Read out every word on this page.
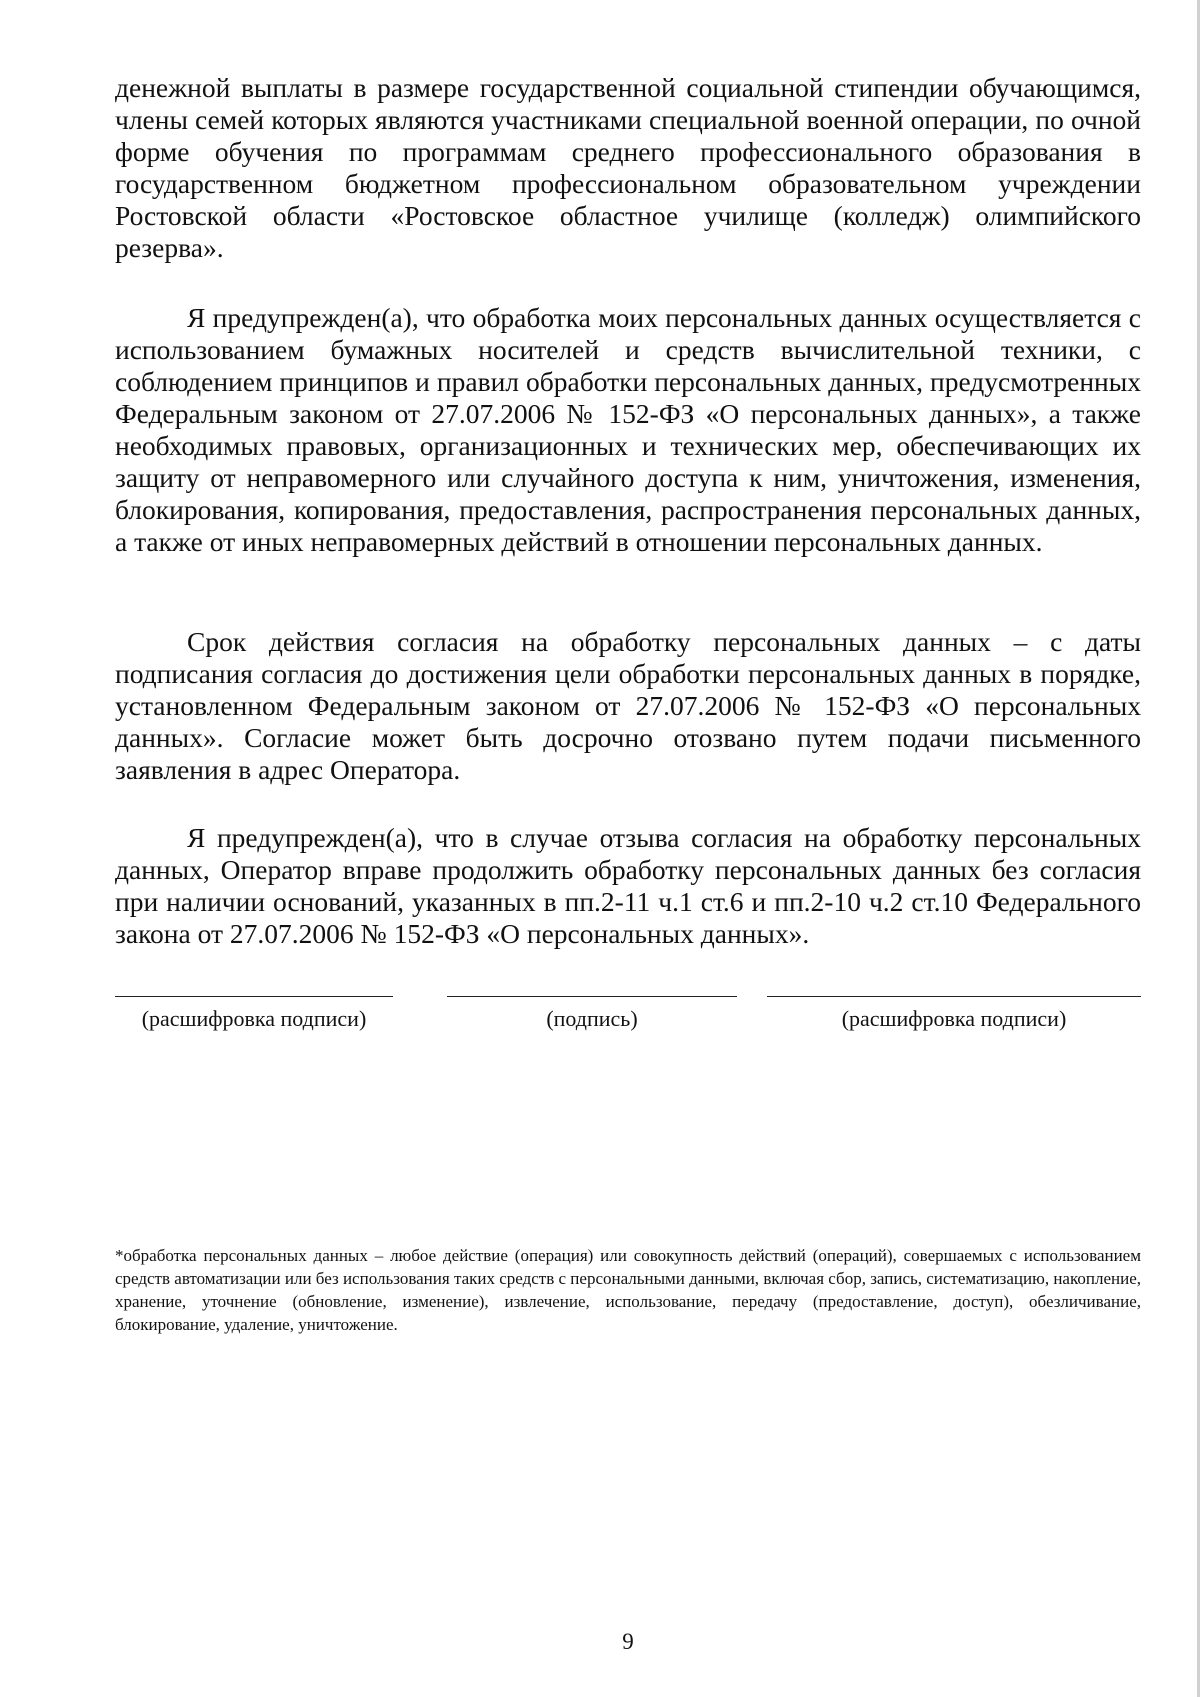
денежной выплаты в размере государственной социальной стипендии обучающимся, члены семей которых являются участниками специальной военной операции, по очной форме обучения по программам среднего профессионального образования в государственном бюджетном профессиональном образовательном учреждении Ростовской области «Ростовское областное училище (колледж) олимпийского резерва».

Я предупрежден(а), что обработка моих персональных данных осуществляется с использованием бумажных носителей и средств вычислительной техники, с соблюдением принципов и правил обработки персональных данных, предусмотренных Федеральным законом от 27.07.2006 № 152-ФЗ «О персональных данных», а также необходимых правовых, организационных и технических мер, обеспечивающих их защиту от неправомерного или случайного доступа к ним, уничтожения, изменения, блокирования, копирования, предоставления, распространения персональных данных, а также от иных неправомерных действий в отношении персональных данных.

Срок действия согласия на обработку персональных данных – с даты подписания согласия до достижения цели обработки персональных данных в порядке, установленном Федеральным законом от 27.07.2006 № 152-ФЗ «О персональных данных». Согласие может быть досрочно отозвано путем подачи письменного заявления в адрес Оператора.

Я предупрежден(а), что в случае отзыва согласия на обработку персональных данных, Оператор вправе продолжить обработку персональных данных без согласия при наличии оснований, указанных в пп.2-11 ч.1 ст.6 и пп.2-10 ч.2 ст.10 Федерального закона от 27.07.2006 № 152-ФЗ «О персональных данных».

(расшифровка подписи)	(подпись)	(расшифровка подписи)

*обработка персональных данных – любое действие (операция) или совокупность действий (операций), совершаемых с использованием средств автоматизации или без использования таких средств с персональными данными, включая сбор, запись, систематизацию, накопление, хранение, уточнение (обновление, изменение), извлечение, использование, передачу (предоставление, доступ), обезличивание, блокирование, удаление, уничтожение.

9
